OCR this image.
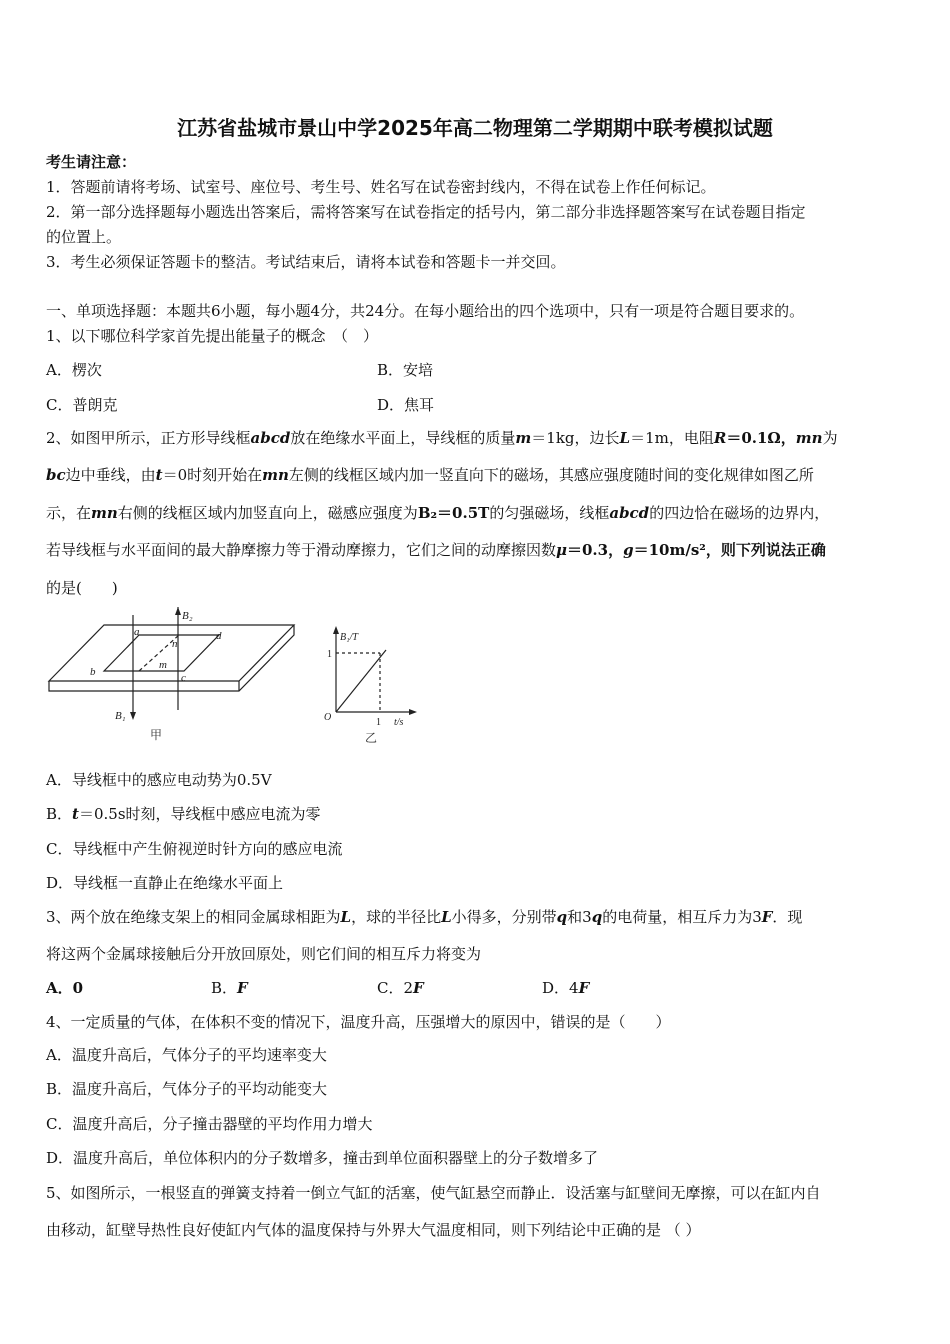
江苏省盐城市景山中学2025年高二物理第二学期期中联考模拟试题
考生请注意：
1．答题前请将考场、试室号、座位号、考生号、姓名写在试卷密封线内，不得在试卷上作任何标记。
2．第一部分选择题每小题选出答案后，需将答案写在试卷指定的括号内，第二部分非选择题答案写在试卷题目指定
的位置上。
3．考生必须保证答题卡的整洁。考试结束后，请将本试卷和答题卡一并交回。
一、单项选择题：本题共6小题，每小题4分，共24分。在每小题给出的四个选项中，只有一项是符合题目要求的。
1、以下哪位科学家首先提出能量子的概念　（　）
A．楞次	B．安培
C．普朗克	D．焦耳
2、如图甲所示，正方形导线框abcd放在绝缘水平面上，导线框的质量m＝1kg，边长L＝1m，电阻R＝0.1Ω，mn为
bc边中垂线，由t＝0时刻开始在mn左侧的线框区域内加一竖直向下的磁场，其感应强度随时间的变化规律如图乙所
示，在mn右侧的线框区域内加竖直向上，磁感应强度为B₂＝0.5T的匀强磁场，线框abcd的四边恰在磁场的边界内，
若导线框与水平面间的最大静摩擦力等于滑动摩擦力，它们之间的动摩擦因数μ＝0.3，g＝10m/s²，则下列说法正确
的是(　　)
a
b	c
d
m
n
B₂
B₁
甲
B₁/T
1
1
O	t/s
乙
A．导线框中的感应电动势为0.5V
B．t＝0.5s时刻，导线框中感应电流为零
C．导线框中产生俯视逆时针方向的感应电流
D．导线框一直静止在绝缘水平面上
3、两个放在绝缘支架上的相同金属球相距为L，球的半径比L小得多，分别带q和3q的电荷量，相互斥力为3F．现
将这两个金属球接触后分开放回原处，则它们间的相互斥力将变为
A．0	B．F	C．2F	D．4F
4、一定质量的气体，在体积不变的情况下，温度升高，压强增大的原因中，错误的是（　　）
A．温度升高后，气体分子的平均速率变大
B．温度升高后，气体分子的平均动能变大
C．温度升高后，分子撞击器壁的平均作用力增大
D．温度升高后，单位体积内的分子数增多，撞击到单位面积器壁上的分子数增多了
5、如图所示，一根竖直的弹簧支持着一倒立气缸的活塞，使气缸悬空而静止．设活塞与缸壁间无摩擦，可以在缸内自
由移动，缸壁导热性良好使缸内气体的温度保持与外界大气温度相同，则下列结论中正确的是 （ ）
